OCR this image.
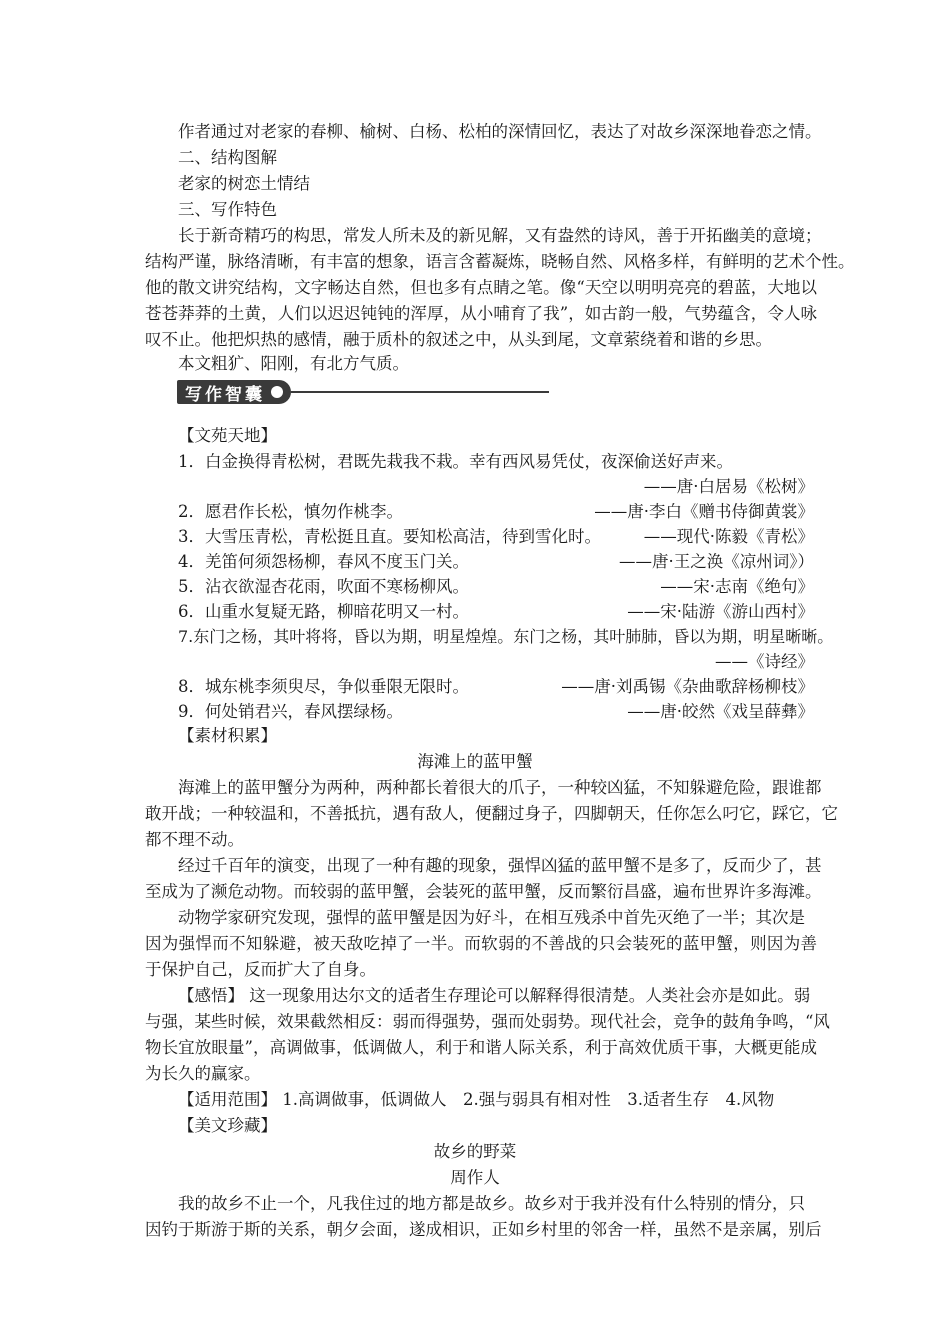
作者通过对老家的春柳、榆树、白杨、松柏的深情回忆，表达了对故乡深深地眷恋之情。
二、结构图解
老家的树恋土情结
三、写作特色
长于新奇精巧的构思，常发人所未及的新见解，又有盎然的诗风，善于开拓幽美的意境；
结构严谨，脉络清晰，有丰富的想象，语言含蓄凝炼，晓畅自然、风格多样，有鲜明的艺术个性。
他的散文讲究结构，文字畅达自然，但也多有点睛之笔。像“天空以明明亮亮的碧蓝，大地以
苍苍莽莽的土黄，人们以迟迟钝钝的浑厚，从小哺育了我”，如古韵一般，气势蕴含，令人咏
叹不止。他把炽热的感情，融于质朴的叙述之中，从头到尾，文章萦绕着和谐的乡思。
本文粗犷、阳刚，有北方气质。
写作智囊
【文苑天地】
1．白金换得青松树，君既先栽我不栽。幸有西风易凭仗，夜深偷送好声来。
——唐·白居易《松树》
2．愿君作长松，慎勿作桃李。	——唐·李白《赠书侍御黄裳》
3．大雪压青松，青松挺且直。要知松高洁，待到雪化时。	——现代·陈毅《青松》
4．羌笛何须怨杨柳，春风不度玉门关。	——唐·王之涣《凉州词》）
5．沾衣欲湿杏花雨，吹面不寒杨柳风。	——宋·志南《绝句》
6．山重水复疑无路，柳暗花明又一村。	——宋·陆游《游山西村》
7.东门之杨，其叶将将，昏以为期，明星煌煌。东门之杨，其叶肺肺，昏以为期，明星晰晰。
——《诗经》
8．城东桃李须臾尽，争似垂限无限时。	——唐·刘禹锡《杂曲歌辞杨柳枝》
9．何处销君兴，春风摆绿杨。	——唐·皎然《戏呈薛彝》
【素材积累】
海滩上的蓝甲蟹
海滩上的蓝甲蟹分为两种，两种都长着很大的爪子，一种较凶猛，不知躲避危险，跟谁都
敢开战；一种较温和，不善抵抗，遇有敌人，便翻过身子，四脚朝天，任你怎么叼它，踩它，它
都不理不动。
经过千百年的演变，出现了一种有趣的现象，强悍凶猛的蓝甲蟹不是多了，反而少了，甚
至成为了濒危动物。而较弱的蓝甲蟹，会装死的蓝甲蟹，反而繁衍昌盛，遍布世界许多海滩。
动物学家研究发现，强悍的蓝甲蟹是因为好斗，在相互残杀中首先灭绝了一半；其次是
因为强悍而不知躲避，被天敌吃掉了一半。而软弱的不善战的只会装死的蓝甲蟹，则因为善
于保护自己，反而扩大了自身。
【感悟】 这一现象用达尔文的适者生存理论可以解释得很清楚。人类社会亦是如此。弱
与强，某些时候，效果截然相反：弱而得强势，强而处弱势。现代社会，竞争的鼓角争鸣，“风
物长宜放眼量”，高调做事，低调做人，利于和谐人际关系，利于高效优质干事，大概更能成
为长久的赢家。
【适用范围】 1.高调做事，低调做人　2.强与弱具有相对性　3.适者生存　4.风物
【美文珍藏】
故乡的野菜
周作人
我的故乡不止一个，凡我住过的地方都是故乡。故乡对于我并没有什么特别的情分，只
因钓于斯游于斯的关系，朝夕会面，遂成相识，正如乡村里的邻舍一样，虽然不是亲属，别后
